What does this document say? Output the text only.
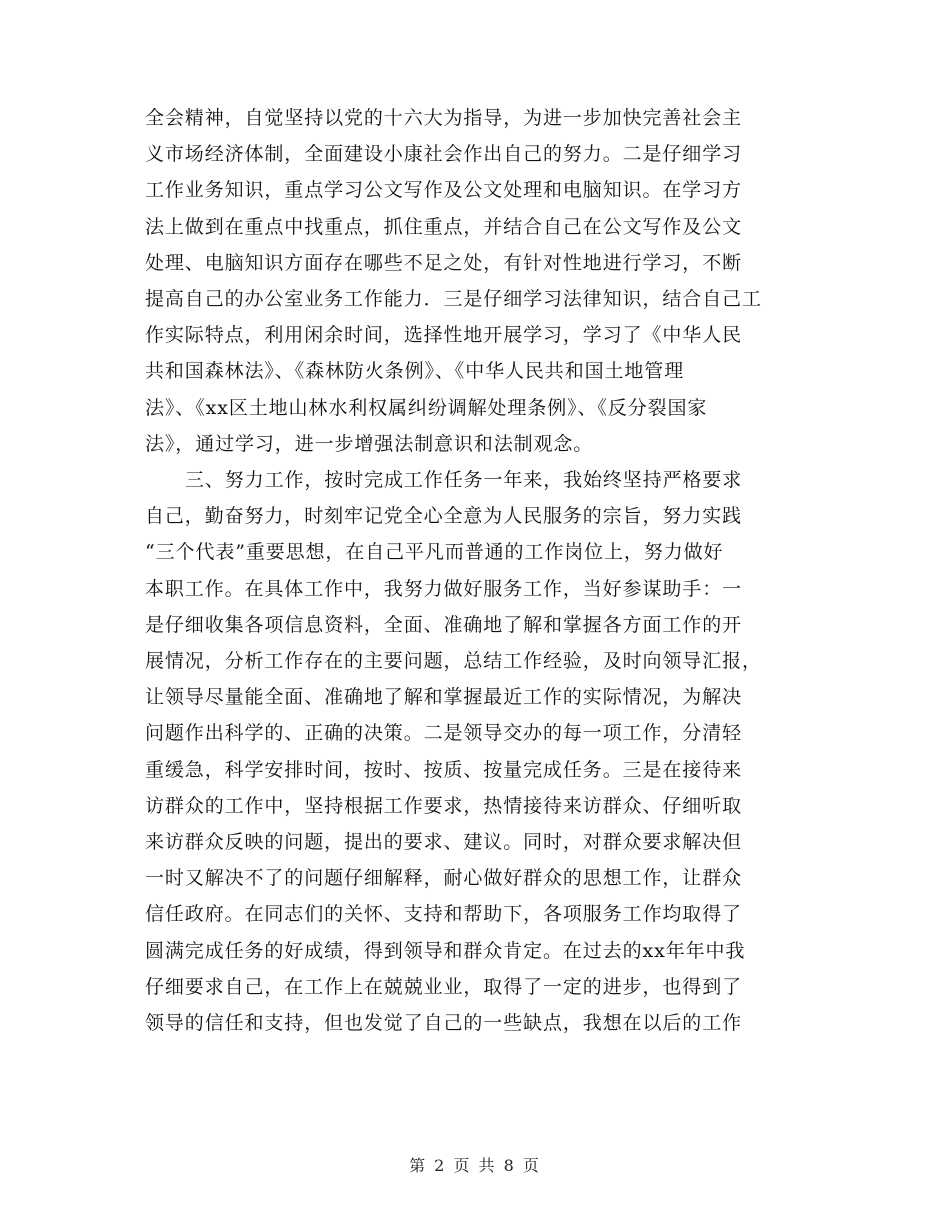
全会精神，自觉坚持以党的十六大为指导，为进一步加快完善社会主
义市场经济体制，全面建设小康社会作出自己的努力。二是仔细学习
工作业务知识，重点学习公文写作及公文处理和电脑知识。在学习方
法上做到在重点中找重点，抓住重点，并结合自己在公文写作及公文
处理、电脑知识方面存在哪些不足之处，有针对性地进行学习，不断
提高自己的办公室业务工作能力．三是仔细学习法律知识，结合自己工
作实际特点，利用闲余时间，选择性地开展学习，学习了《中华人民
共和国森林法》、《森林防火条例》、《中华人民共和国土地管理
法》、《xx区土地山林水利权属纠纷调解处理条例》、《反分裂国家
法》，通过学习，进一步增强法制意识和法制观念。
三、努力工作，按时完成工作任务一年来，我始终坚持严格要求
自己，勤奋努力，时刻牢记党全心全意为人民服务的宗旨，努力实践
“三个代表”重要思想，在自己平凡而普通的工作岗位上，努力做好
本职工作。在具体工作中，我努力做好服务工作，当好参谋助手：一
是仔细收集各项信息资料，全面、准确地了解和掌握各方面工作的开
展情况，分析工作存在的主要问题，总结工作经验，及时向领导汇报，
让领导尽量能全面、准确地了解和掌握最近工作的实际情况，为解决
问题作出科学的、正确的决策。二是领导交办的每一项工作，分清轻
重缓急，科学安排时间，按时、按质、按量完成任务。三是在接待来
访群众的工作中，坚持根据工作要求，热情接待来访群众、仔细听取
来访群众反映的问题，提出的要求、建议。同时，对群众要求解决但
一时又解决不了的问题仔细解释，耐心做好群众的思想工作，让群众
信任政府。在同志们的关怀、支持和帮助下，各项服务工作均取得了
圆满完成任务的好成绩，得到领导和群众肯定。在过去的xx年年中我
仔细要求自己，在工作上在兢兢业业，取得了一定的进步，也得到了
领导的信任和支持，但也发觉了自己的一些缺点，我想在以后的工作
第 2 页 共 8 页
